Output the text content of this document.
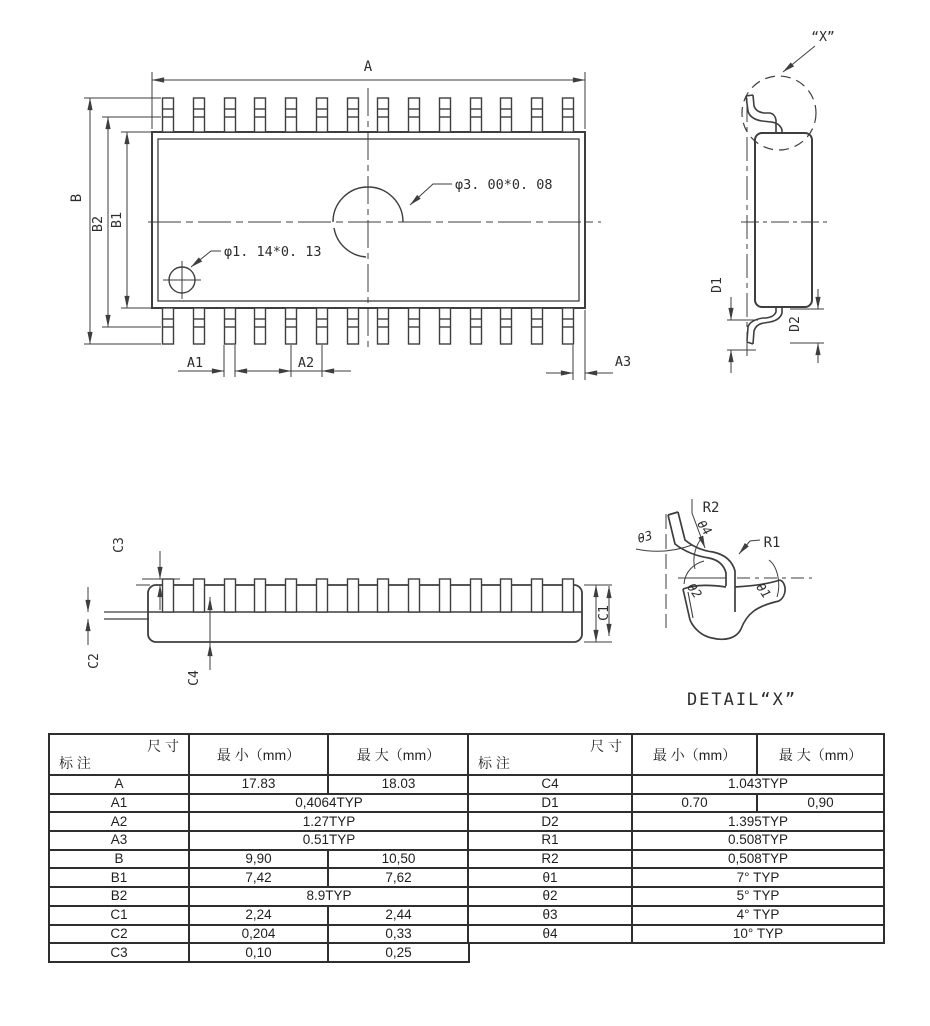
A
B
B2 B1
φ3. 00*0. 08
φ1. 14*0. 13
A1	A2	A3
“X”
D1
D2
C3
C2
C4
C1
R2
R1
θ3	θ4
θ2	θ1
DETAIL“X”
尺 寸
标 注	最 小（mm）	最 大（mm）
A	17.83	18.03
A1	0,4064TYP	
A2	1.27TYP	
A3	0.51TYP	
B	9,90	10,50
B1	7,42	7,62
B2	8.9TYP	
C1	2,24	2,44
C2	0,204	0,33
C3	0,10	0,25
尺 寸
标 注	最 小（mm）	最 大（mm）
C4	1.043TYP	
D1	0.70	0,90
D2	1.395TYP	
R1	0.508TYP	
R2	0,508TYP	
θ1	7° TYP	
θ2	5° TYP	
θ3	4° TYP	
θ4	10° TYP	
